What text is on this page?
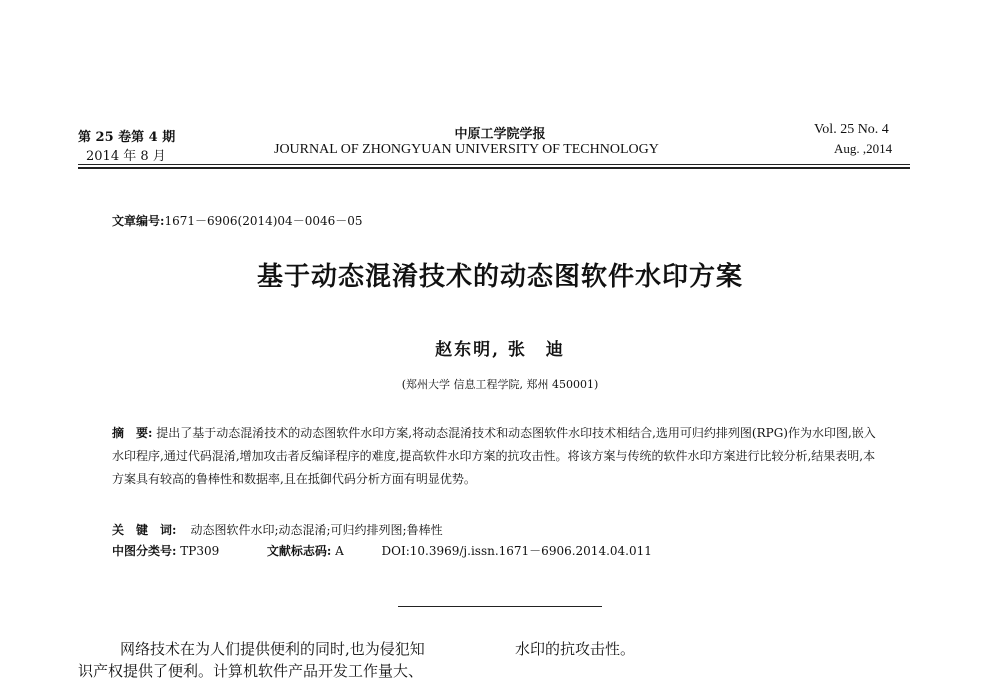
第 25 卷第 4 期
2014 年 8 月
中原工学院学报
JOURNAL OF ZHONGYUAN UNIVERSITY OF TECHNOLOGY
Vol. 25 No. 4
Aug. ,2014
文章编号:1671－6906(2014)04－0046－05
基于动态混淆技术的动态图软件水印方案
赵东明, 张　迪
(郑州大学 信息工程学院, 郑州 450001)
摘　要: 提出了基于动态混淆技术的动态图软件水印方案,将动态混淆技术和动态图软件水印技术相结合,选用可归约排列图(RPG)作为水印图,嵌入水印程序,通过代码混淆,增加攻击者反编译程序的难度,提高软件水印方案的抗攻击性。将该方案与传统的软件水印方案进行比较分析,结果表明,本方案具有较高的鲁棒性和数据率,且在抵御代码分析方面有明显优势。
关　键　词: 动态图软件水印;动态混淆;可归约排列图;鲁棒性
中图分类号: TP309	文献标志码: A	DOI:10.3969/j.issn.1671－6906.2014.04.011
网络技术在为人们提供便利的同时,也为侵犯知
识产权提供了便利。计算机软件产品开发工作量大、
水印的抗攻击性。
